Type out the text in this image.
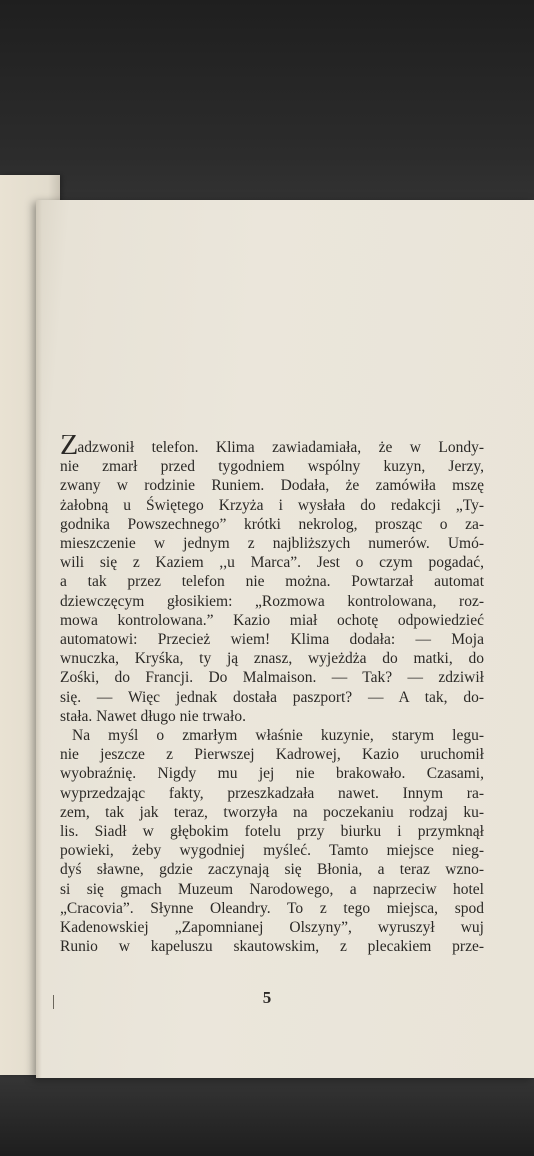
Zadzwonił telefon. Klima zawiadamiała, że w Londy-
nie zmarł przed tygodniem wspólny kuzyn, Jerzy,
zwany w rodzinie Runiem. Dodała, że zamówiła mszę
żałobną u Świętego Krzyża i wysłała do redakcji „Ty-
godnika Powszechnego” krótki nekrolog, prosząc o za-
mieszczenie w jednym z najbliższych numerów. Umó-
wili się z Kaziem ,,u Marca”. Jest o czym pogadać,
a tak przez telefon nie można. Powtarzał automat
dziewczęcym głosikiem: „Rozmowa kontrolowana, roz-
mowa kontrolowana.” Kazio miał ochotę odpowiedzieć
automatowi: Przecież wiem! Klima dodała: — Moja
wnuczka, Kryśka, ty ją znasz, wyjeżdża do matki, do
Zośki, do Francji. Do Malmaison. — Tak? — zdziwił
się. — Więc jednak dostała paszport? — A tak, do-
stała. Nawet długo nie trwało.
Na myśl o zmarłym właśnie kuzynie, starym legu-
nie jeszcze z Pierwszej Kadrowej, Kazio uruchomił
wyobraźnię. Nigdy mu jej nie brakowało. Czasami,
wyprzedzając fakty, przeszkadzała nawet. Innym ra-
zem, tak jak teraz, tworzyła na poczekaniu rodzaj ku-
lis. Siadł w głębokim fotelu przy biurku i przymknął
powieki, żeby wygodniej myśleć. Tamto miejsce nieg-
dyś sławne, gdzie zaczynają się Błonia, a teraz wzno-
si się gmach Muzeum Narodowego, a naprzeciw hotel
„Cracovia”. Słynne Oleandry. To z tego miejsca, spod
Kadenowskiej „Zapomnianej Olszyny”, wyruszył wuj
Runio w kapeluszu skautowskim, z plecakiem prze-
5
